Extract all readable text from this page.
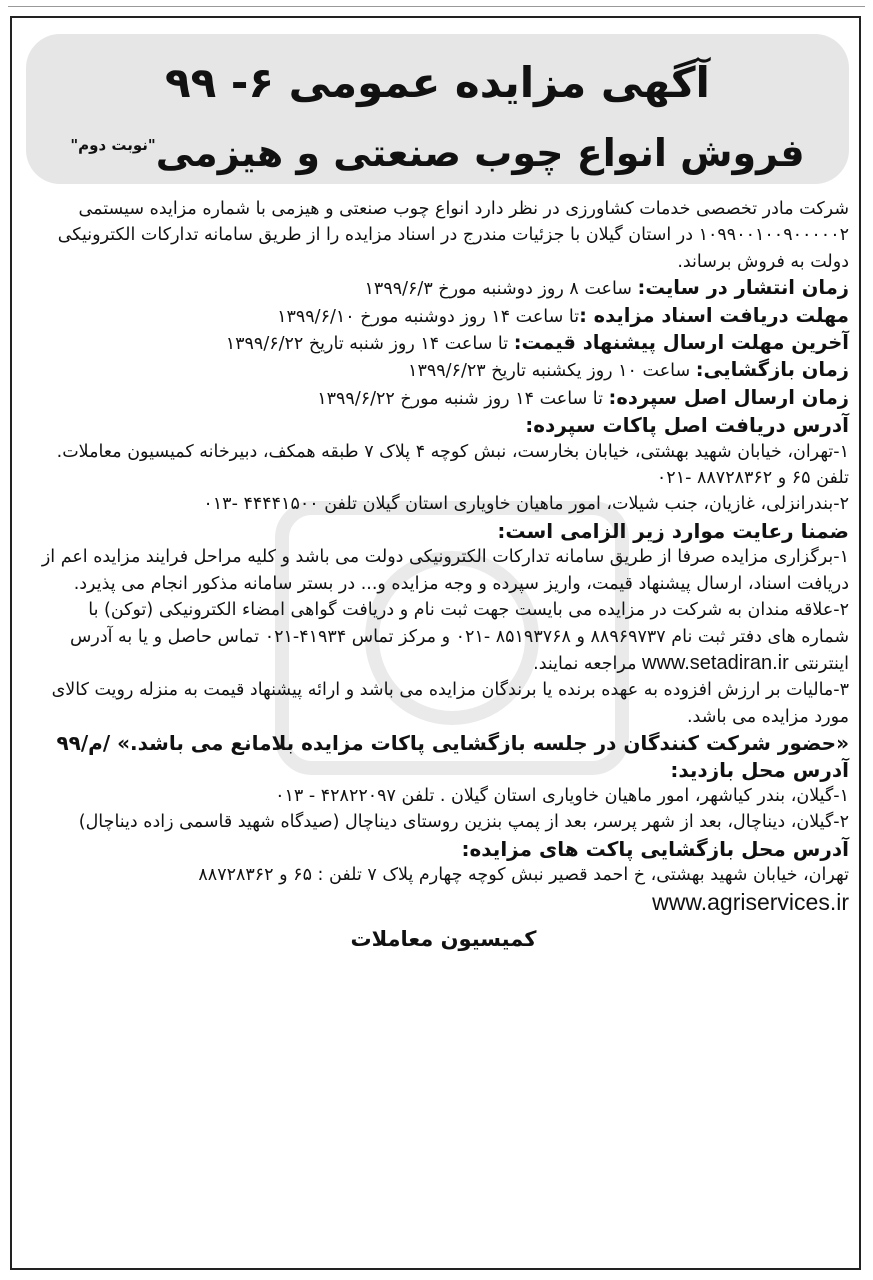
آگهی مزایده عمومی ۶- ۹۹
فروش انواع چوب صنعتی و هیزمی$^{"نوبت دوم"}$

شرکت مادر تخصصی خدمات کشاورزی در نظر دارد انواع چوب صنعتی و هیزمی با شماره مزایده سیستمی ۱۰۹۹۰۰۱۰۰۹۰۰۰۰۰۲ در استان گیلان با جزئیات مندرج در اسناد مزایده را از طریق سامانه تدارکات الکترونیکی دولت به فروش برساند.

زمان انتشار در سایت: ساعت ۸ روز دوشنبه مورخ ۱۳۹۹/۶/۳

مهلت دریافت اسناد مزایده :تا ساعت ۱۴ روز دوشنبه مورخ ۱۳۹۹/۶/۱۰

آخرین مهلت ارسال پیشنهاد قیمت: تا ساعت ۱۴ روز شنبه تاریخ ۱۳۹۹/۶/۲۲

زمان بازگشایی: ساعت ۱۰ روز یکشنبه تاریخ ۱۳۹۹/۶/۲۳

زمان ارسال اصل سپرده: تا ساعت ۱۴ روز شنبه مورخ ۱۳۹۹/۶/۲۲

آدرس دریافت اصل پاکات سپرده:

۱-تهران، خیابان شهید بهشتی، خیابان بخارست، نبش کوچه ۴ پلاک ۷ طبقه همکف، دبیرخانه کمیسیون معاملات. تلفن ۶۵ و ۸۸۷۲۸۳۶۲ -۰۲۱

۲-بندرانزلی، غازیان، جنب شیلات، امور ماهیان خاویاری استان گیلان تلفن ۴۴۴۴۱۵۰۰ -۰۱۳

ضمنا رعایت موارد زیر الزامی است:

۱-برگزاری مزایده صرفا از طریق سامانه تدارکات الکترونیکی دولت می باشد و کلیه مراحل فرایند مزایده اعم از دریافت اسناد، ارسال پیشنهاد قیمت، واریز سپرده و وجه مزایده و... در بستر سامانه مذکور انجام می پذیرد.

۲-علاقه مندان به شرکت در مزایده می بایست جهت ثبت نام و دریافت گواهی امضاء الکترونیکی (توکن) با شماره های دفتر ثبت نام ۸۸۹۶۹۷۳۷ و ۸۵۱۹۳۷۶۸ -۰۲۱ و مرکز تماس ۴۱۹۳۴-۰۲۱ تماس حاصل و یا به آدرس اینترنتی www.setadiran.ir مراجعه نمایند.

۳-مالیات بر ارزش افزوده به عهده برنده یا برندگان مزایده می باشد و ارائه پیشنهاد قیمت به منزله رویت کالای مورد مزایده می باشد.

«حضور شرکت کنندگان در جلسه بازگشایی پاکات مزایده بلامانع می باشد.» /م/۹۹

آدرس محل بازدید:

۱-گیلان، بندر کیاشهر، امور ماهیان خاویاری استان گیلان . تلفن ۴۲۸۲۲۰۹۷ - ۰۱۳

۲-گیلان، دیناچال، بعد از شهر پرسر، بعد از پمپ بنزین روستای دیناچال (صیدگاه شهید قاسمی زاده دیناچال)

آدرس محل بازگشایی پاکت های مزایده:

تهران، خیابان شهید بهشتی، خ احمد قصیر نبش کوچه چهارم پلاک ۷ تلفن : ۶۵ و ۸۸۷۲۸۳۶۲

www.agriservices.ir

کمیسیون معاملات
